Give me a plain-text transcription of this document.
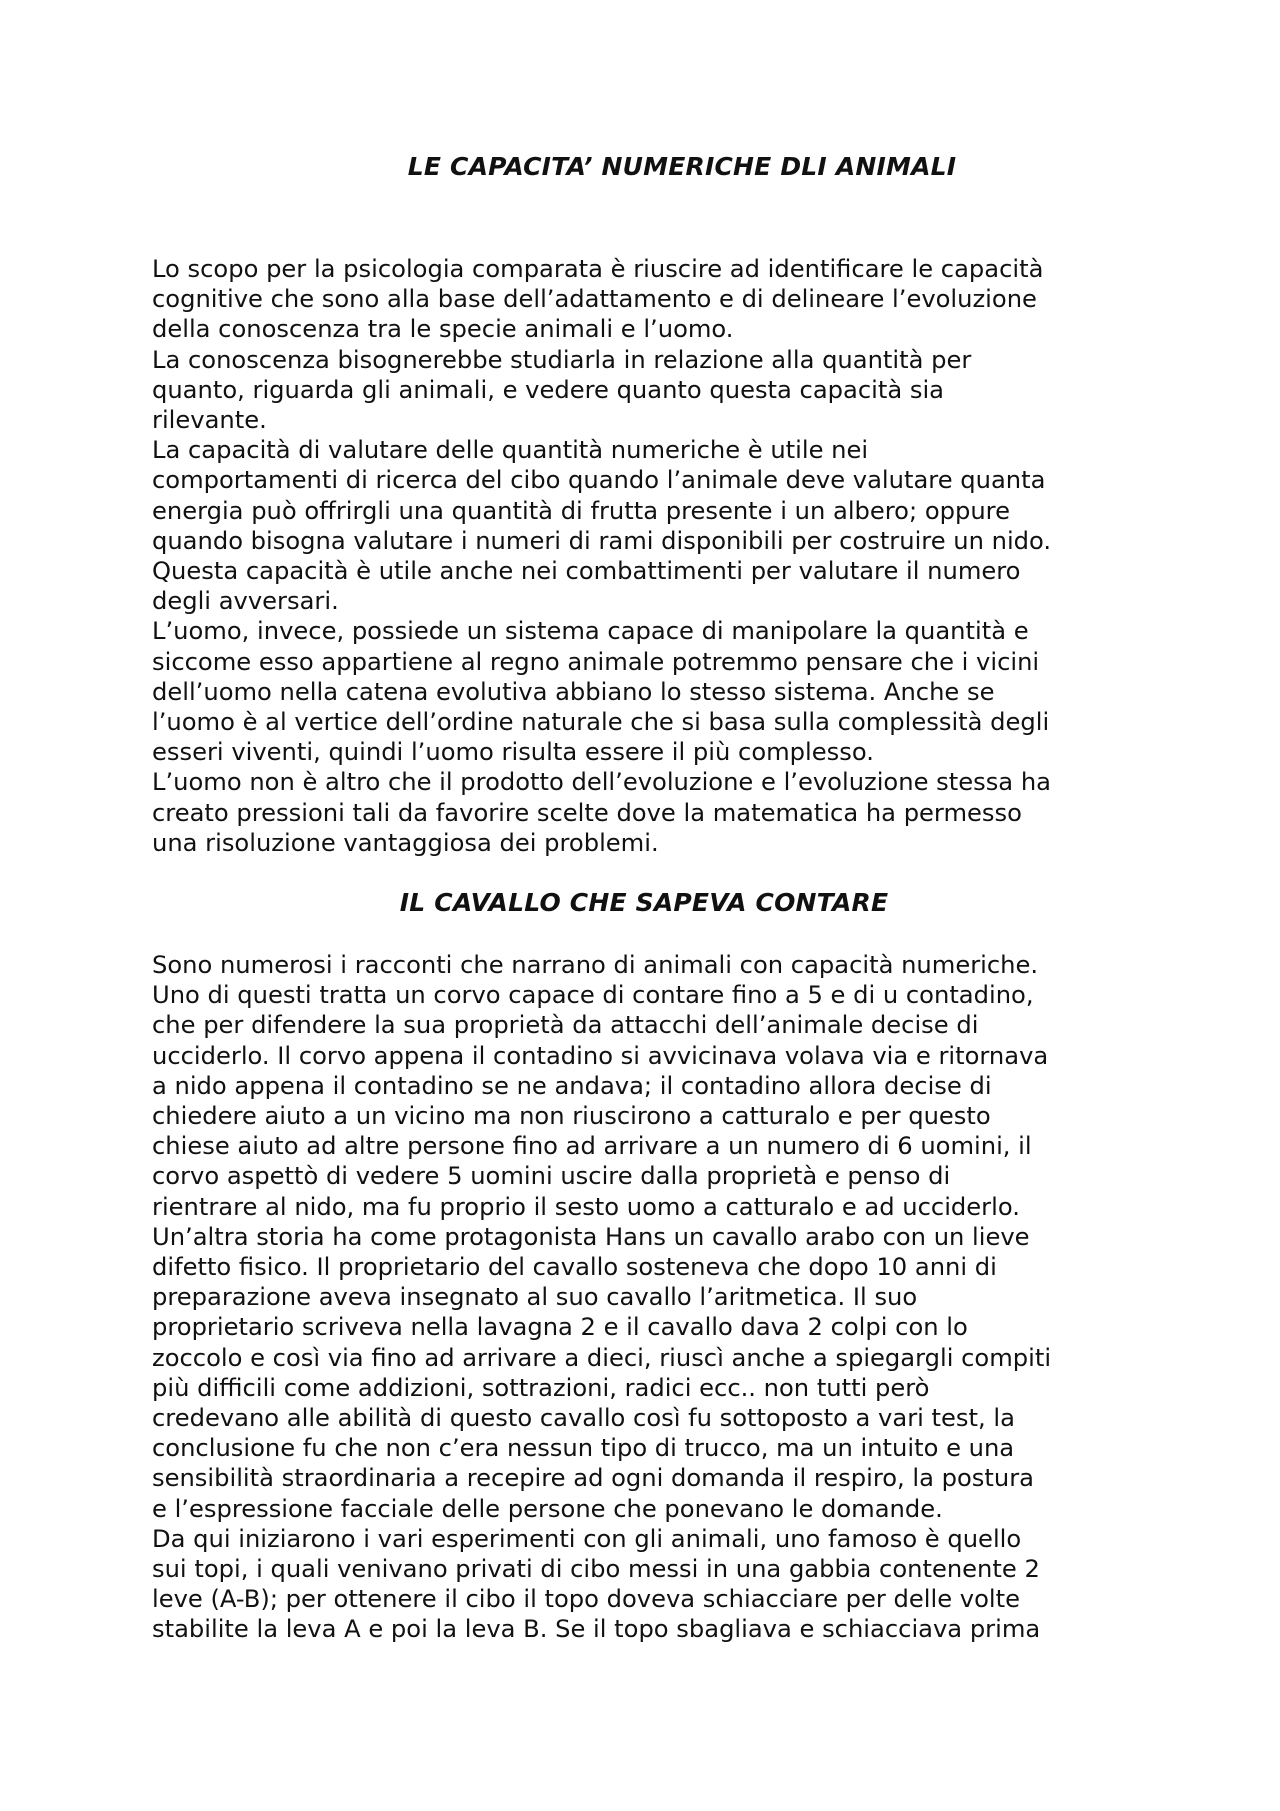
LE CAPACITA’ NUMERICHE DLI ANIMALI

Lo scopo per la psicologia comparata è riuscire ad identificare le capacità

cognitive che sono alla base dell’adattamento e di delineare l’evoluzione

della conoscenza tra le specie animali e l’uomo.

La conoscenza bisognerebbe studiarla in relazione alla quantità per

quanto, riguarda gli animali, e vedere quanto questa capacità sia

rilevante.

La capacità di valutare delle quantità numeriche è utile nei

comportamenti di ricerca del cibo quando l’animale deve valutare quanta

energia può offrirgli una quantità di frutta presente i un albero; oppure

quando bisogna valutare i numeri di rami disponibili per costruire un nido.

Questa capacità è utile anche nei combattimenti per valutare il numero

degli avversari.

L’uomo, invece, possiede un sistema capace di manipolare la quantità e

siccome esso appartiene al regno animale potremmo pensare che i vicini

dell’uomo nella catena evolutiva abbiano lo stesso sistema. Anche se

l’uomo è al vertice dell’ordine naturale che si basa sulla complessità degli

esseri viventi, quindi l’uomo risulta essere il più complesso.

L’uomo non è altro che il prodotto dell’evoluzione e l’evoluzione stessa ha

creato pressioni tali da favorire scelte dove la matematica ha permesso

una risoluzione vantaggiosa dei problemi.

IL CAVALLO CHE SAPEVA CONTARE

Sono numerosi i racconti che narrano di animali con capacità numeriche.

Uno di questi tratta un corvo capace di contare fino a 5 e di u contadino,

che per difendere la sua proprietà da attacchi dell’animale decise di

ucciderlo. Il corvo appena il contadino si avvicinava volava via e ritornava

a nido appena il contadino se ne andava; il contadino allora decise di

chiedere aiuto a un vicino ma non riuscirono a catturalo e per questo

chiese aiuto ad altre persone fino ad arrivare a un numero di 6 uomini, il

corvo aspettò di vedere 5 uomini uscire dalla proprietà e penso di

rientrare al nido, ma fu proprio il sesto uomo a catturalo e ad ucciderlo.

Un’altra storia ha come protagonista Hans un cavallo arabo con un lieve

difetto fisico. Il proprietario del cavallo sosteneva che dopo 10 anni di

preparazione aveva insegnato al suo cavallo l’aritmetica. Il suo

proprietario scriveva nella lavagna 2 e il cavallo dava 2 colpi con lo

zoccolo e così via fino ad arrivare a dieci, riuscì anche a spiegargli compiti

più difficili come addizioni, sottrazioni, radici ecc.. non tutti però

credevano alle abilità di questo cavallo così fu sottoposto a vari test, la

conclusione fu che non c’era nessun tipo di trucco, ma un intuito e una

sensibilità straordinaria a recepire ad ogni domanda il respiro, la postura

e l’espressione facciale delle persone che ponevano le domande.

Da qui iniziarono i vari esperimenti con gli animali, uno famoso è quello

sui topi, i quali venivano privati di cibo messi in una gabbia contenente 2

leve (A-B); per ottenere il cibo il topo doveva schiacciare per delle volte

stabilite la leva A e poi la leva B. Se il topo sbagliava e schiacciava prima
